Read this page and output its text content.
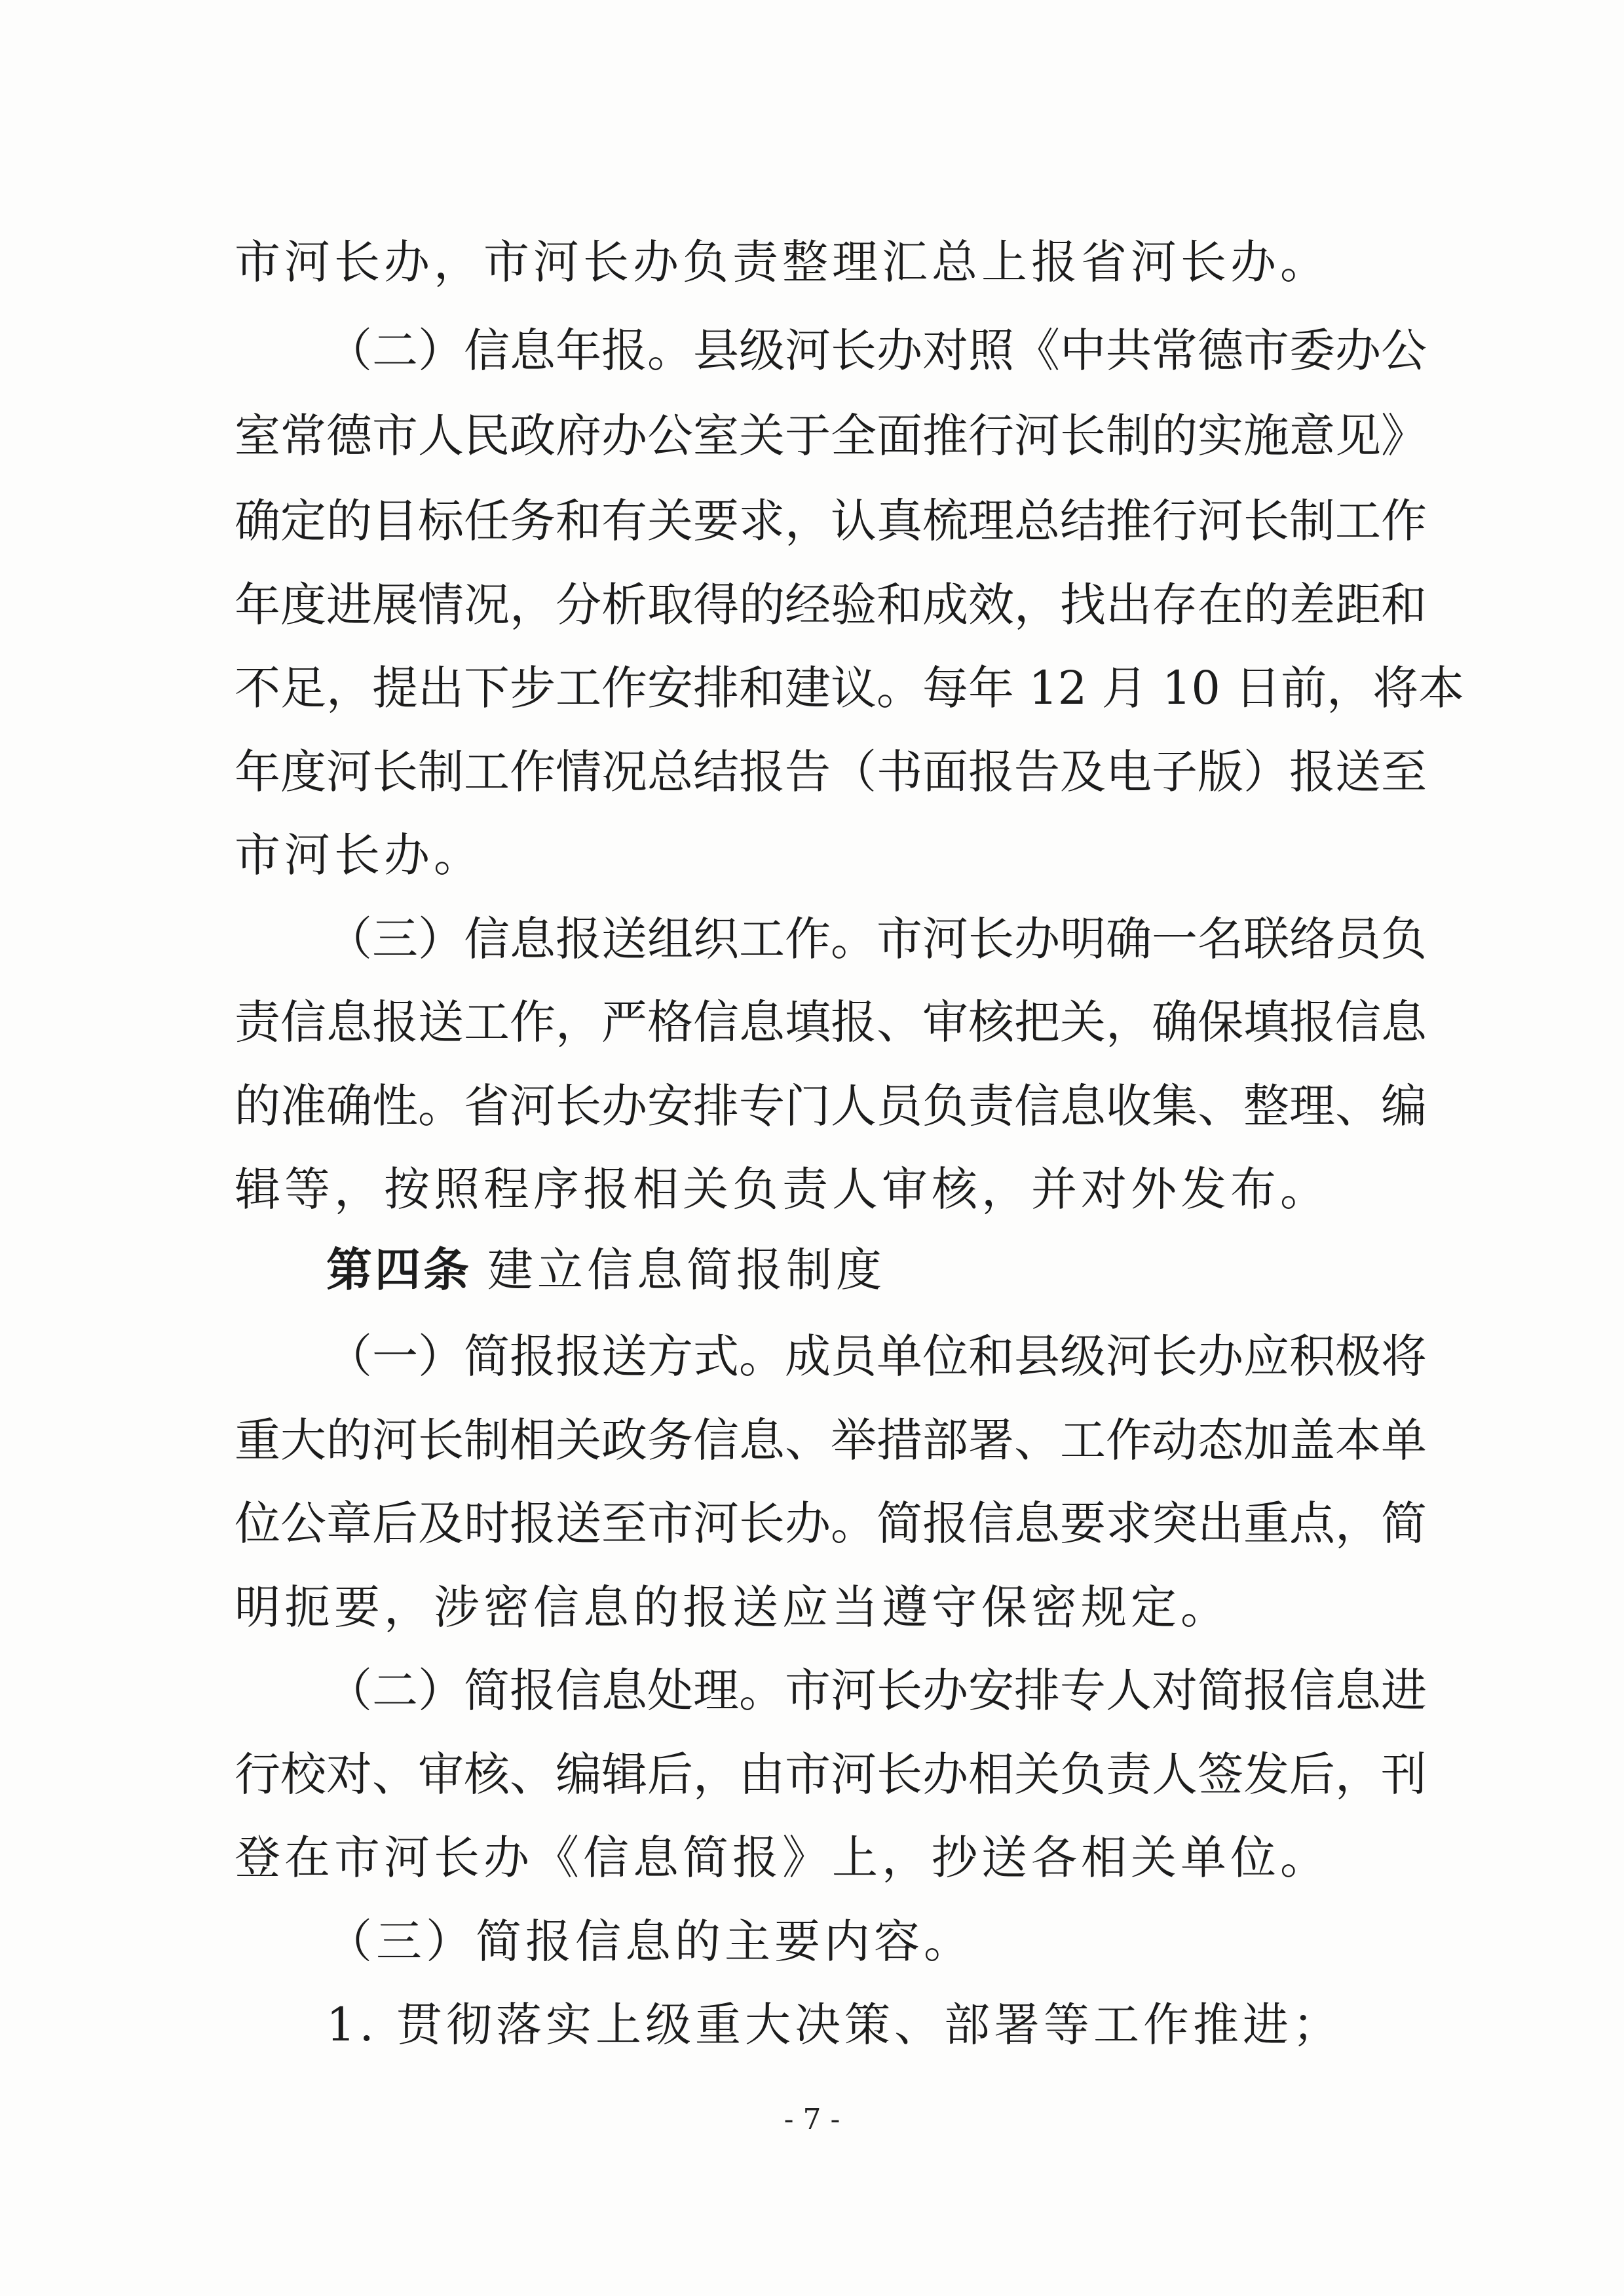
市河长办，市河长办负责整理汇总上报省河长办。
（二）信息年报。县级河长办对照《中共常德市委办公
室常德市人民政府办公室关于全面推行河长制的实施意见》
确定的目标任务和有关要求，认真梳理总结推行河长制工作
年度进展情况，分析取得的经验和成效，找出存在的差距和
不足，提出下步工作安排和建议。每年 12 月 10 日前，将本
年度河长制工作情况总结报告（书面报告及电子版）报送至
市河长办。
（三）信息报送组织工作。市河长办明确一名联络员负
责信息报送工作，严格信息填报、审核把关，确保填报信息
的准确性。省河长办安排专门人员负责信息收集、整理、编
辑等，按照程序报相关负责人审核，并对外发布。
第四条 建立信息简报制度
（一）简报报送方式。成员单位和县级河长办应积极将
重大的河长制相关政务信息、举措部署、工作动态加盖本单
位公章后及时报送至市河长办。简报信息要求突出重点，简
明扼要，涉密信息的报送应当遵守保密规定。
（二）简报信息处理。市河长办安排专人对简报信息进
行校对、审核、编辑后，由市河长办相关负责人签发后，刊
登在市河长办《信息简报》上，抄送各相关单位。
（三）简报信息的主要内容。
1. 贯彻落实上级重大决策、部署等工作推进；
- 7 -
